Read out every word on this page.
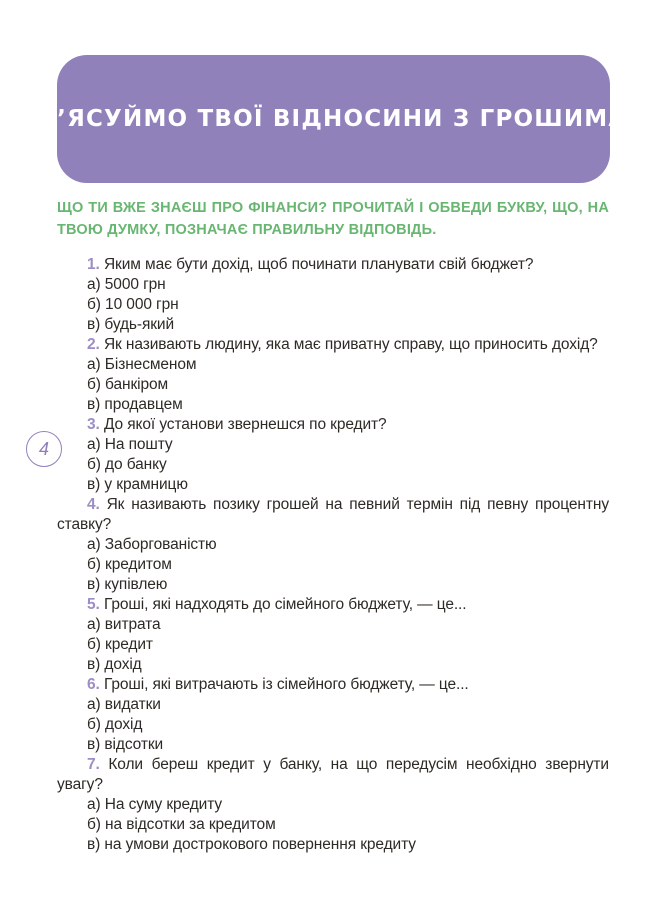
З’ЯСУЙМО ТВОЇ ВІДНОСИНИ З ГРОШИМА

ЩО ТИ ВЖЕ ЗНАЄШ ПРО ФІНАНСИ? ПРОЧИТАЙ І ОБВЕДИ БУКВУ, ЩО, НА ТВОЮ ДУМКУ, ПОЗНАЧАЄ ПРАВИЛЬНУ ВІДПОВІДЬ.

1. Яким має бути дохід, щоб починати планувати свій бюджет?

а) 5000 грн
б) 10 000 грн
в) будь-який

2. Як називають людину, яка має приватну справу, що приносить дохід?

а) Бізнесменом
б) банкіром
в) продавцем

3. До якої установи звернешся по кредит?

а) На пошту
б) до банку
в) у крамницю

4. Як називають позику грошей на певний термін під певну процентну ставку?

а) Заборгованістю
б) кредитом
в) купівлею

5. Гроші, які надходять до сімейного бюджету, — це...

а) витрата
б) кредит
в) дохід

6. Гроші, які витрачають із сімейного бюджету, — це...

а) видатки
б) дохід
в) відсотки

7. Коли береш кредит у банку, на що передусім необхідно звернути увагу?

а) На суму кредиту
б) на відсотки за кредитом
в) на умови дострокового повернення кредиту
4
